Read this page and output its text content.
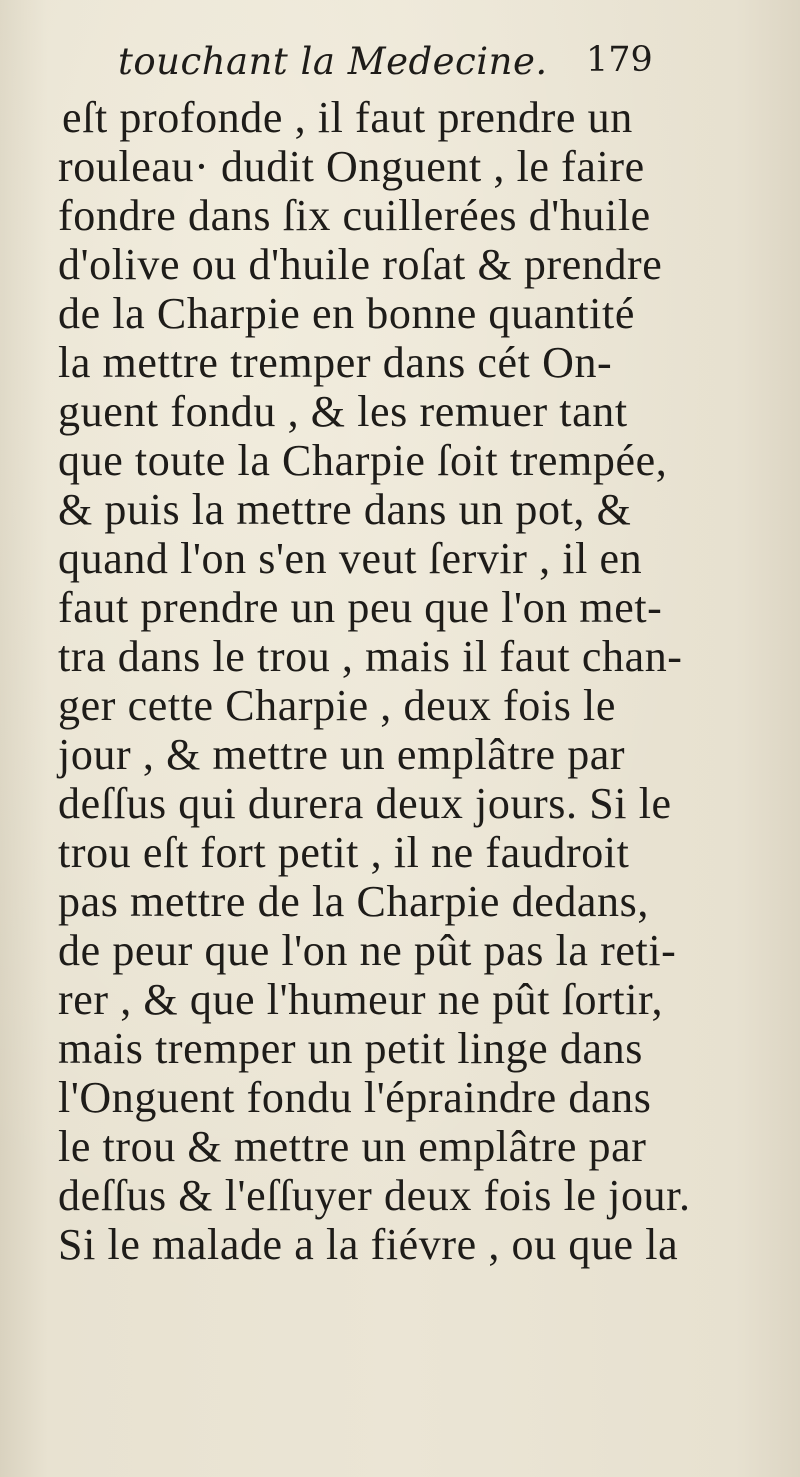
touchant la Medecine. 179
eſt profonde , il faut prendre un
rouleau· dudit Onguent , le faire
fondre dans ſix cuillerées d'huile
d'olive ou d'huile roſat & prendre
de la Charpie en bonne quantité
la mettre tremper dans cét On-
guent fondu , & les remuer tant
que toute la Charpie ſoit trempée,
& puis la mettre dans un pot, &
quand l'on s'en veut ſervir , il en
faut prendre un peu que l'on met-
tra dans le trou , mais il faut chan-
ger cette Charpie , deux fois le
jour , & mettre un emplâtre par
deſſus qui durera deux jours. Si le
trou eſt fort petit , il ne faudroit
pas mettre de la Charpie dedans,
de peur que l'on ne pût pas la reti-
rer , & que l'humeur ne pût ſortir,
mais tremper un petit linge dans
l'Onguent fondu l'épraindre dans
le trou & mettre un emplâtre par
deſſus & l'eſſuyer deux fois le jour.
Si le malade a la fiévre , ou que la
